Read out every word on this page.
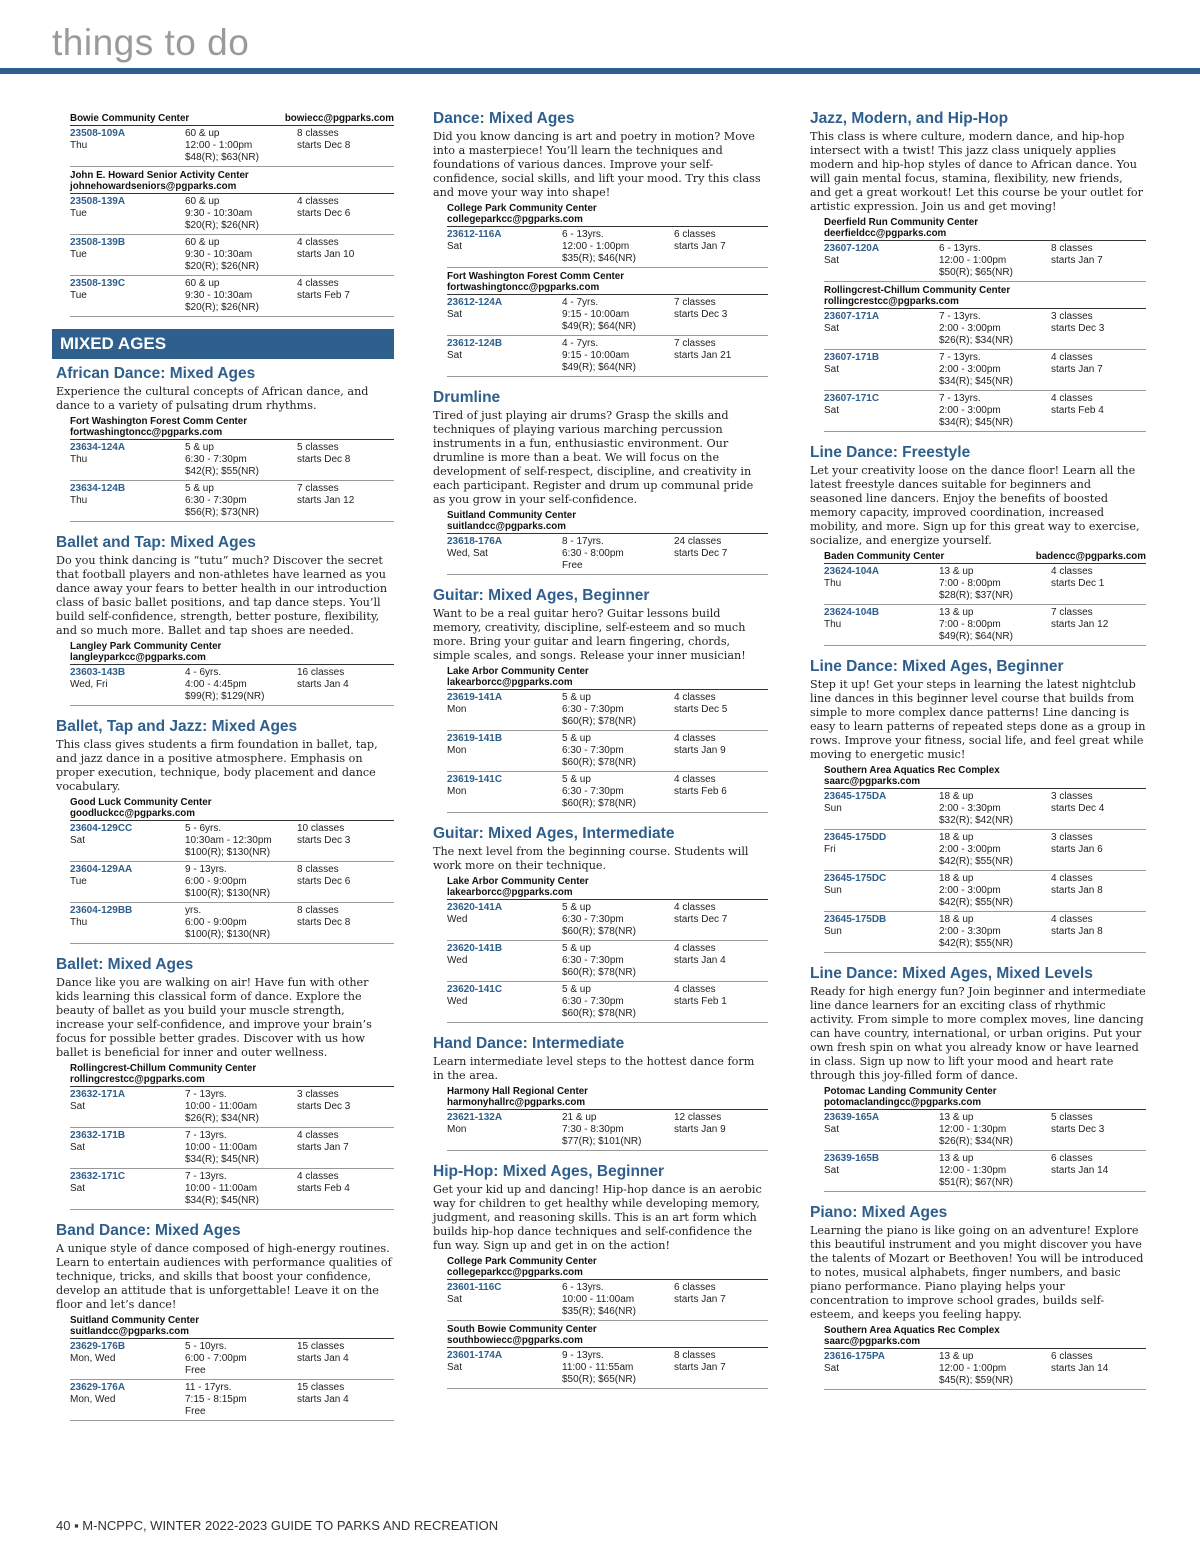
things to do
Bowie Community Center	bowiecc@pgparks.com
23508-109A
Thu
60 & up
12:00 - 1:00pm
$48(R); $63(NR)
8 classes
starts Dec 8
John E. Howard Senior Activity Center
johnehowardseniors@pgparks.com
23508-139A
Tue
60 & up
9:30 - 10:30am
$20(R); $26(NR)
4 classes
starts Dec 6
23508-139B
Tue
60 & up
9:30 - 10:30am
$20(R); $26(NR)
4 classes
starts Jan 10
23508-139C
Tue
60 & up
9:30 - 10:30am
$20(R); $26(NR)
4 classes
starts Feb 7
MIXED AGES
African Dance: Mixed Ages
Experience the cultural concepts of African dance, and dance to a variety of pulsating drum rhythms.
Fort Washington Forest Comm Center
fortwashingtoncc@pgparks.com
23634-124A
Thu
5 & up
6:30 - 7:30pm
$42(R); $55(NR)
5 classes
starts Dec 8
23634-124B
Thu
5 & up
6:30 - 7:30pm
$56(R); $73(NR)
7 classes
starts Jan 12
Ballet and Tap: Mixed Ages
Do you think dancing is “tutu” much? Discover the secret that football players and non-athletes have learned as you dance away your fears to better health in our introduction class of basic ballet positions, and tap dance steps. You’ll build self-confidence, strength, better posture, flexibility, and so much more. Ballet and tap shoes are needed.
Langley Park Community Center
langleyparkcc@pgparks.com
23603-143B
Wed, Fri
4 - 6yrs.
4:00 - 4:45pm
$99(R); $129(NR)
16 classes
starts Jan 4
Ballet, Tap and Jazz: Mixed Ages
This class gives students a firm foundation in ballet, tap, and jazz dance in a positive atmosphere. Emphasis on proper execution, technique, body placement and dance vocabulary.
Good Luck Community Center
goodluckcc@pgparks.com
23604-129CC
Sat
5 - 6yrs.
10:30am - 12:30pm
$100(R); $130(NR)
10 classes
starts Dec 3
23604-129AA
Tue
9 - 13yrs.
6:00 - 9:00pm
$100(R); $130(NR)
8 classes
starts Dec 6
23604-129BB
Thu
yrs.
6:00 - 9:00pm
$100(R); $130(NR)
8 classes
starts Dec 8
Ballet: Mixed Ages
Dance like you are walking on air! Have fun with other kids learning this classical form of dance. Explore the beauty of ballet as you build your muscle strength, increase your self-confidence, and improve your brain’s focus for possible better grades. Discover with us how ballet is beneficial for inner and outer wellness.
Rollingcrest-Chillum Community Center
rollingcrestcc@pgparks.com
23632-171A
Sat
7 - 13yrs.
10:00 - 11:00am
$26(R); $34(NR)
3 classes
starts Dec 3
23632-171B
Sat
7 - 13yrs.
10:00 - 11:00am
$34(R); $45(NR)
4 classes
starts Jan 7
23632-171C
Sat
7 - 13yrs.
10:00 - 11:00am
$34(R); $45(NR)
4 classes
starts Feb 4
Band Dance: Mixed Ages
A unique style of dance composed of high-energy routines. Learn to entertain audiences with performance qualities of technique, tricks, and skills that boost your confidence, develop an attitude that is unforgettable! Leave it on the floor and let’s dance!
Suitland Community Center
suitlandcc@pgparks.com
23629-176B
Mon, Wed
5 - 10yrs.
6:00 - 7:00pm
Free
15 classes
starts Jan 4
23629-176A
Mon, Wed
11 - 17yrs.
7:15 - 8:15pm
Free
15 classes
starts Jan 4
Dance: Mixed Ages
Did you know dancing is art and poetry in motion? Move into a masterpiece! You’ll learn the techniques and foundations of various dances. Improve your self-confidence, social skills, and lift your mood. Try this class and move your way into shape!
College Park Community Center
collegeparkcc@pgparks.com
23612-116A
Sat
6 - 13yrs.
12:00 - 1:00pm
$35(R); $46(NR)
6 classes
starts Jan 7
Fort Washington Forest Comm Center
fortwashingtoncc@pgparks.com
23612-124A
Sat
4 - 7yrs.
9:15 - 10:00am
$49(R); $64(NR)
7 classes
starts Dec 3
23612-124B
Sat
4 - 7yrs.
9:15 - 10:00am
$49(R); $64(NR)
7 classes
starts Jan 21
Drumline
Tired of just playing air drums? Grasp the skills and techniques of playing various marching percussion instruments in a fun, enthusiastic environment. Our drumline is more than a beat. We will focus on the development of self-respect, discipline, and creativity in each participant. Register and drum up communal pride as you grow in your self-confidence.
Suitland Community Center
suitlandcc@pgparks.com
23618-176A
Wed, Sat
8 - 17yrs.
6:30 - 8:00pm
Free
24 classes
starts Dec 7
Guitar: Mixed Ages, Beginner
Want to be a real guitar hero? Guitar lessons build memory, creativity, discipline, self-esteem and so much more. Bring your guitar and learn fingering, chords, simple scales, and songs. Release your inner musician!
Lake Arbor Community Center
lakearborcc@pgparks.com
23619-141A
Mon
5 & up
6:30 - 7:30pm
$60(R); $78(NR)
4 classes
starts Dec 5
23619-141B
Mon
5 & up
6:30 - 7:30pm
$60(R); $78(NR)
4 classes
starts Jan 9
23619-141C
Mon
5 & up
6:30 - 7:30pm
$60(R); $78(NR)
4 classes
starts Feb 6
Guitar: Mixed Ages, Intermediate
The next level from the beginning course. Students will work more on their technique.
Lake Arbor Community Center
lakearborcc@pgparks.com
23620-141A
Wed
5 & up
6:30 - 7:30pm
$60(R); $78(NR)
4 classes
starts Dec 7
23620-141B
Wed
5 & up
6:30 - 7:30pm
$60(R); $78(NR)
4 classes
starts Jan 4
23620-141C
Wed
5 & up
6:30 - 7:30pm
$60(R); $78(NR)
4 classes
starts Feb 1
Hand Dance: Intermediate
Learn intermediate level steps to the hottest dance form in the area.
Harmony Hall Regional Center
harmonyhallrc@pgparks.com
23621-132A
Mon
21 & up
7:30 - 8:30pm
$77(R); $101(NR)
12 classes
starts Jan 9
Hip-Hop: Mixed Ages, Beginner
Get your kid up and dancing! Hip-hop dance is an aerobic way for children to get healthy while developing memory, judgment, and reasoning skills. This is an art form which builds hip-hop dance techniques and self-confidence the fun way. Sign up and get in on the action!
College Park Community Center
collegeparkcc@pgparks.com
23601-116C
Sat
6 - 13yrs.
10:00 - 11:00am
$35(R); $46(NR)
6 classes
starts Jan 7
South Bowie Community Center
southbowiecc@pgparks.com
23601-174A
Sat
9 - 13yrs.
11:00 - 11:55am
$50(R); $65(NR)
8 classes
starts Jan 7
Jazz, Modern, and Hip-Hop
This class is where culture, modern dance, and hip-hop intersect with a twist! This jazz class uniquely applies modern and hip-hop styles of dance to African dance. You will gain mental focus, stamina, flexibility, new friends, and get a great workout! Let this course be your outlet for artistic expression. Join us and get moving!
Deerfield Run Community Center
deerfieldcc@pgparks.com
23607-120A
Sat
6 - 13yrs.
12:00 - 1:00pm
$50(R); $65(NR)
8 classes
starts Jan 7
Rollingcrest-Chillum Community Center
rollingcrestcc@pgparks.com
23607-171A
Sat
7 - 13yrs.
2:00 - 3:00pm
$26(R); $34(NR)
3 classes
starts Dec 3
23607-171B
Sat
7 - 13yrs.
2:00 - 3:00pm
$34(R); $45(NR)
4 classes
starts Jan 7
23607-171C
Sat
7 - 13yrs.
2:00 - 3:00pm
$34(R); $45(NR)
4 classes
starts Feb 4
Line Dance: Freestyle
Let your creativity loose on the dance floor! Learn all the latest freestyle dances suitable for beginners and seasoned line dancers. Enjoy the benefits of boosted memory capacity, improved coordination, increased mobility, and more. Sign up for this great way to exercise, socialize, and energize yourself.
Baden Community Center	badencc@pgparks.com
23624-104A
Thu
13 & up
7:00 - 8:00pm
$28(R); $37(NR)
4 classes
starts Dec 1
23624-104B
Thu
13 & up
7:00 - 8:00pm
$49(R); $64(NR)
7 classes
starts Jan 12
Line Dance: Mixed Ages, Beginner
Step it up! Get your steps in learning the latest nightclub line dances in this beginner level course that builds from simple to more complex dance patterns! Line dancing is easy to learn patterns of repeated steps done as a group in rows. Improve your fitness, social life, and feel great while moving to energetic music!
Southern Area Aquatics Rec Complex
saarc@pgparks.com
23645-175DA
Sun
18 & up
2:00 - 3:30pm
$32(R); $42(NR)
3 classes
starts Dec 4
23645-175DD
Fri
18 & up
2:00 - 3:00pm
$42(R); $55(NR)
3 classes
starts Jan 6
23645-175DC
Sun
18 & up
2:00 - 3:00pm
$42(R); $55(NR)
4 classes
starts Jan 8
23645-175DB
Sun
18 & up
2:00 - 3:30pm
$42(R); $55(NR)
4 classes
starts Jan 8
Line Dance: Mixed Ages, Mixed Levels
Ready for high energy fun? Join beginner and intermediate line dance learners for an exciting class of rhythmic activity. From simple to more complex moves, line dancing can have country, international, or urban origins. Put your own fresh spin on what you already know or have learned in class. Sign up now to lift your mood and heart rate through this joy-filled form of dance.
Potomac Landing Community Center
potomaclandingcc@pgparks.com
23639-165A
Sat
13 & up
12:00 - 1:30pm
$26(R); $34(NR)
5 classes
starts Dec 3
23639-165B
Sat
13 & up
12:00 - 1:30pm
$51(R); $67(NR)
6 classes
starts Jan 14
Piano: Mixed Ages
Learning the piano is like going on an adventure! Explore this beautiful instrument and you might discover you have the talents of Mozart or Beethoven! You will be introduced to notes, musical alphabets, finger numbers, and basic piano performance. Piano playing helps your concentration to improve school grades, builds self-esteem, and keeps you feeling happy.
Southern Area Aquatics Rec Complex
saarc@pgparks.com
23616-175PA
Sat
13 & up
12:00 - 1:00pm
$45(R); $59(NR)
6 classes
starts Jan 14
40 ▪ M-NCPPC, WINTER 2022-2023 GUIDE TO PARKS AND RECREATION
